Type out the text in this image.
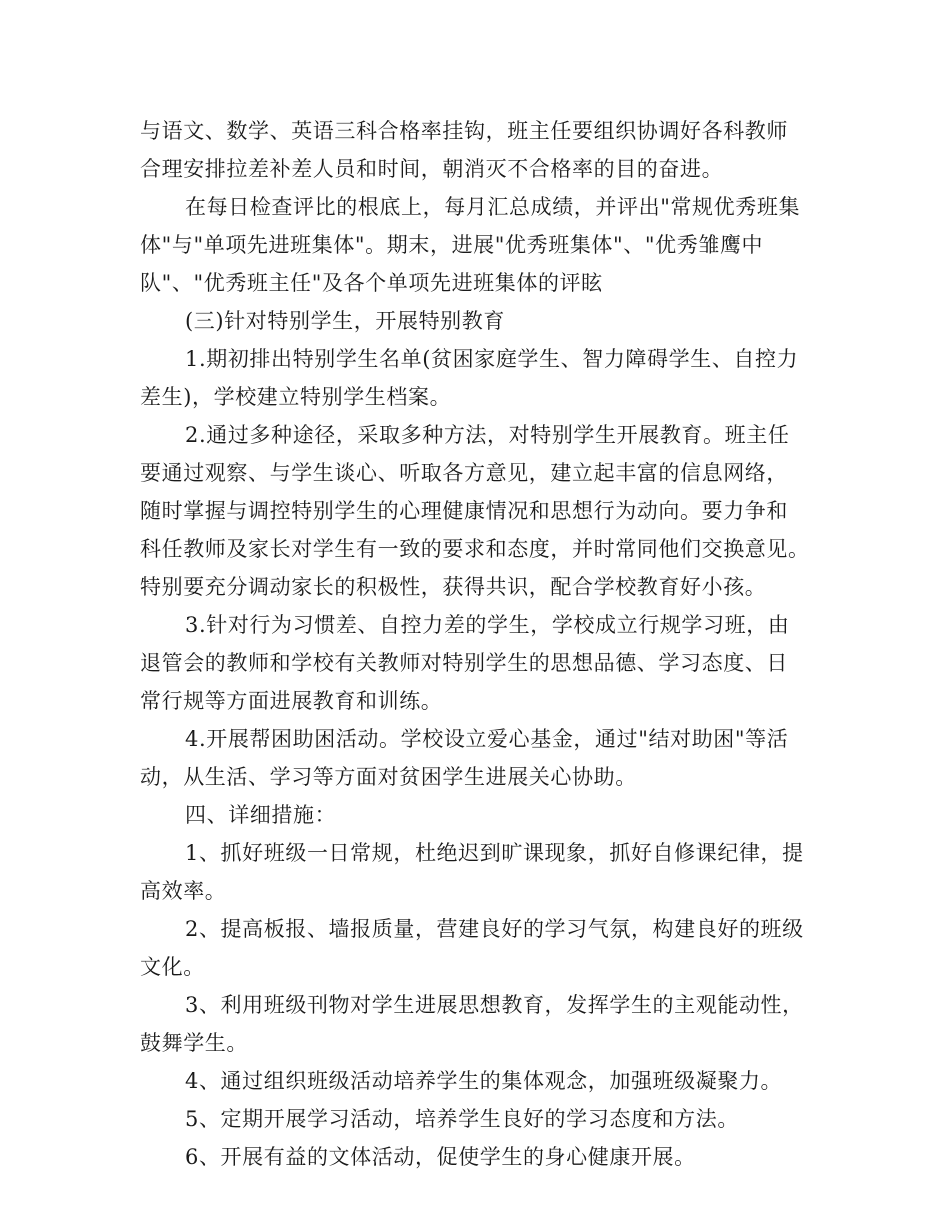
与语文、数学、英语三科合格率挂钩，班主任要组织协调好各科教师
合理安排拉差补差人员和时间，朝消灭不合格率的目的奋进。
在每日检查评比的根底上，每月汇总成绩，并评出"常规优秀班集
体"与"单项先进班集体"。期末，进展"优秀班集体"、"优秀雏鹰中
队"、"优秀班主任"及各个单项先进班集体的评眩
(三)针对特别学生，开展特别教育
1.期初排出特别学生名单(贫困家庭学生、智力障碍学生、自控力
差生)，学校建立特别学生档案。
2.通过多种途径，采取多种方法，对特别学生开展教育。班主任
要通过观察、与学生谈心、听取各方意见，建立起丰富的信息网络，
随时掌握与调控特别学生的心理健康情况和思想行为动向。要力争和
科任教师及家长对学生有一致的要求和态度，并时常同他们交换意见。
特别要充分调动家长的积极性，获得共识，配合学校教育好小孩。
3.针对行为习惯差、自控力差的学生，学校成立行规学习班，由
退管会的教师和学校有关教师对特别学生的思想品德、学习态度、日
常行规等方面进展教育和训练。
4.开展帮困助困活动。学校设立爱心基金，通过"结对助困"等活
动，从生活、学习等方面对贫困学生进展关心协助。
四、详细措施：
1、抓好班级一日常规，杜绝迟到旷课现象，抓好自修课纪律，提
高效率。
2、提高板报、墙报质量，营建良好的学习气氛，构建良好的班级
文化。
3、利用班级刊物对学生进展思想教育，发挥学生的主观能动性，
鼓舞学生。
4、通过组织班级活动培养学生的集体观念，加强班级凝聚力。
5、定期开展学习活动，培养学生良好的学习态度和方法。
6、开展有益的文体活动，促使学生的身心健康开展。
